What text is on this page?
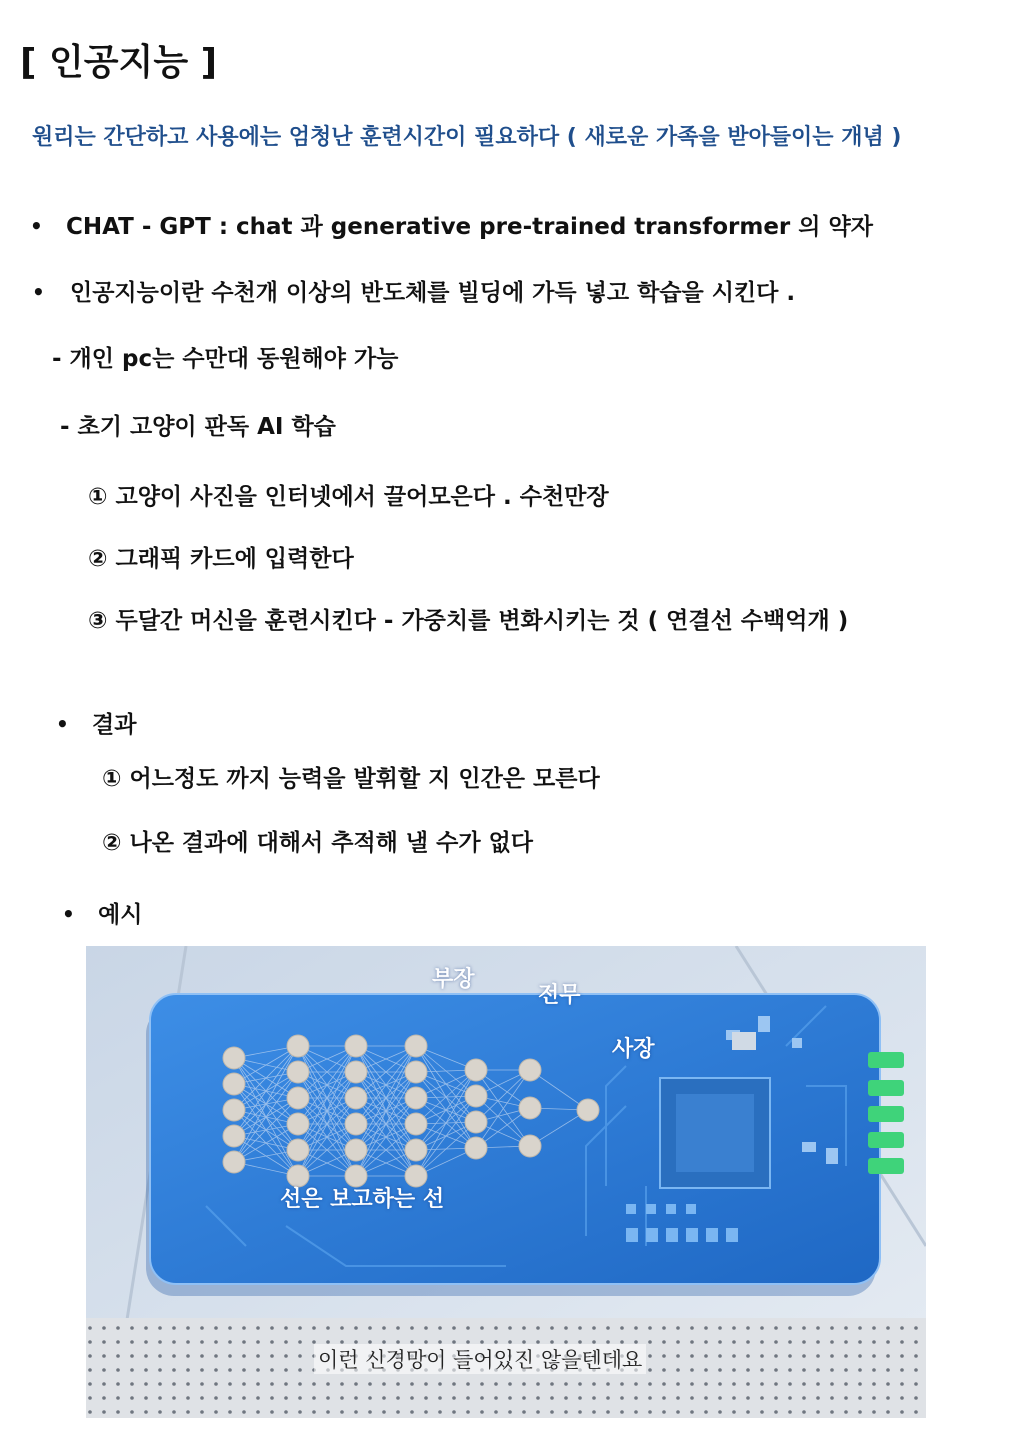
[ 인공지능 ]
원리는 간단하고 사용에는 엄청난 훈련시간이 필요하다 ( 새로운 가족을 받아들이는 개념 )
• CHAT - GPT : chat 과 generative pre-trained transformer 의 약자
• 인공지능이란 수천개 이상의 반도체를 빌딩에 가득 넣고 학습을 시킨다 .
- 개인 pc는 수만대 동원해야 가능
- 초기 고양이 판독 AI 학습
① 고양이 사진을 인터넷에서 끌어모은다 . 수천만장
② 그래픽 카드에 입력한다
③ 두달간 머신을 훈련시킨다 - 가중치를 변화시키는 것 ( 연결선 수백억개 )
• 결과
① 어느정도 까지 능력을 발휘할 지 인간은 모른다
② 나온 결과에 대해서 추적해 낼 수가 없다
• 예시
부장
전무
사장
선은 보고하는 선
이런 신경망이 들어있진 않을텐데요
